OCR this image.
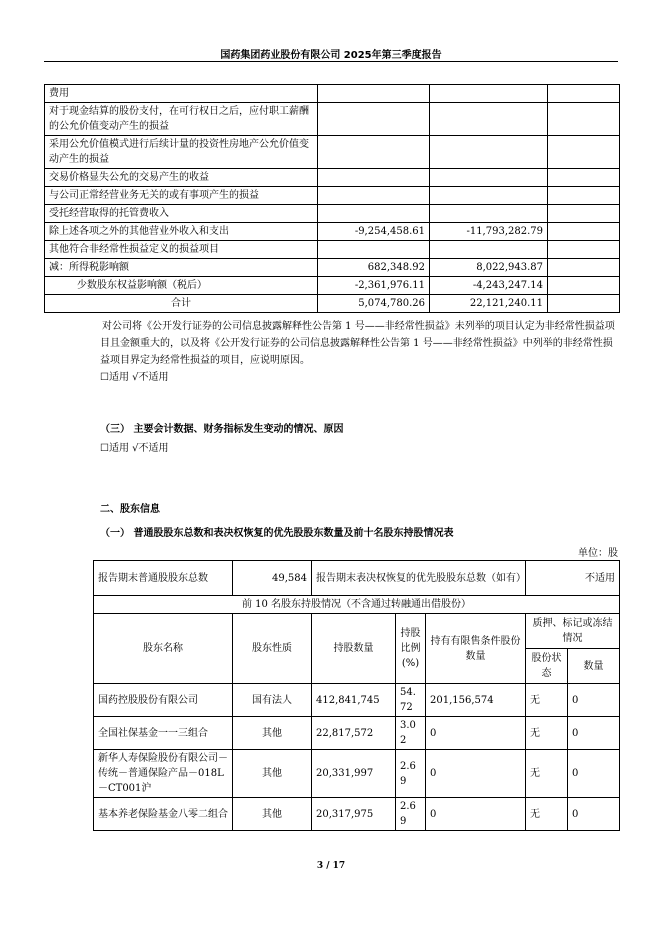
国药集团药业股份有限公司 2025年第三季度报告
费用			
对于现金结算的股份支付，在可行权日之后，应付职工薪酬的公允价值变动产生的损益			
采用公允价值模式进行后续计量的投资性房地产公允价值变动产生的损益			
交易价格显失公允的交易产生的收益			
与公司正常经营业务无关的或有事项产生的损益			
受托经营取得的托管费收入			
除上述各项之外的其他营业外收入和支出	-9,254,458.61	-11,793,282.79	
其他符合非经常性损益定义的损益项目			
减：所得税影响额	682,348.92	8,022,943.87	
少数股东权益影响额（税后）	-2,361,976.11	-4,243,247.14	
合计	5,074,780.26	22,121,240.11	
对公司将《公开发行证券的公司信息披露解释性公告第 1 号——非经常性损益》未列举的项目认定为非经常性损益项目且金额重大的，以及将《公开发行证券的公司信息披露解释性公告第 1 号——非经常性损益》中列举的非经常性损益项目界定为经常性损益的项目，应说明原因。
☐适用 √不适用
（三） 主要会计数据、财务指标发生变动的情况、原因
☐适用 √不适用
二、股东信息
（一） 普通股股东总数和表决权恢复的优先股股东数量及前十名股东持股情况表
单位：股
报告期末普通股股东总数	49,584	报告期末表决权恢复的优先股股东总数（如有）			不适用	
前 10 名股东持股情况（不含通过转融通出借股份）						
股东名称	股东性质	持股数量	持股比例(%)	持有有限售条件股份数量	质押、标记或冻结情况	
					股份状态	数量
国药控股股份有限公司	国有法人	412,841,745	54.72	201,156,574	无	0
全国社保基金一一三组合	其他	22,817,572	3.02	0	无	0
新华人寿保险股份有限公司－传统－普通保险产品－018L－CT001沪	其他	20,331,997	2.69	0	无	0
基本养老保险基金八零二组合	其他	20,317,975	2.69	0	无	0
3 / 17
